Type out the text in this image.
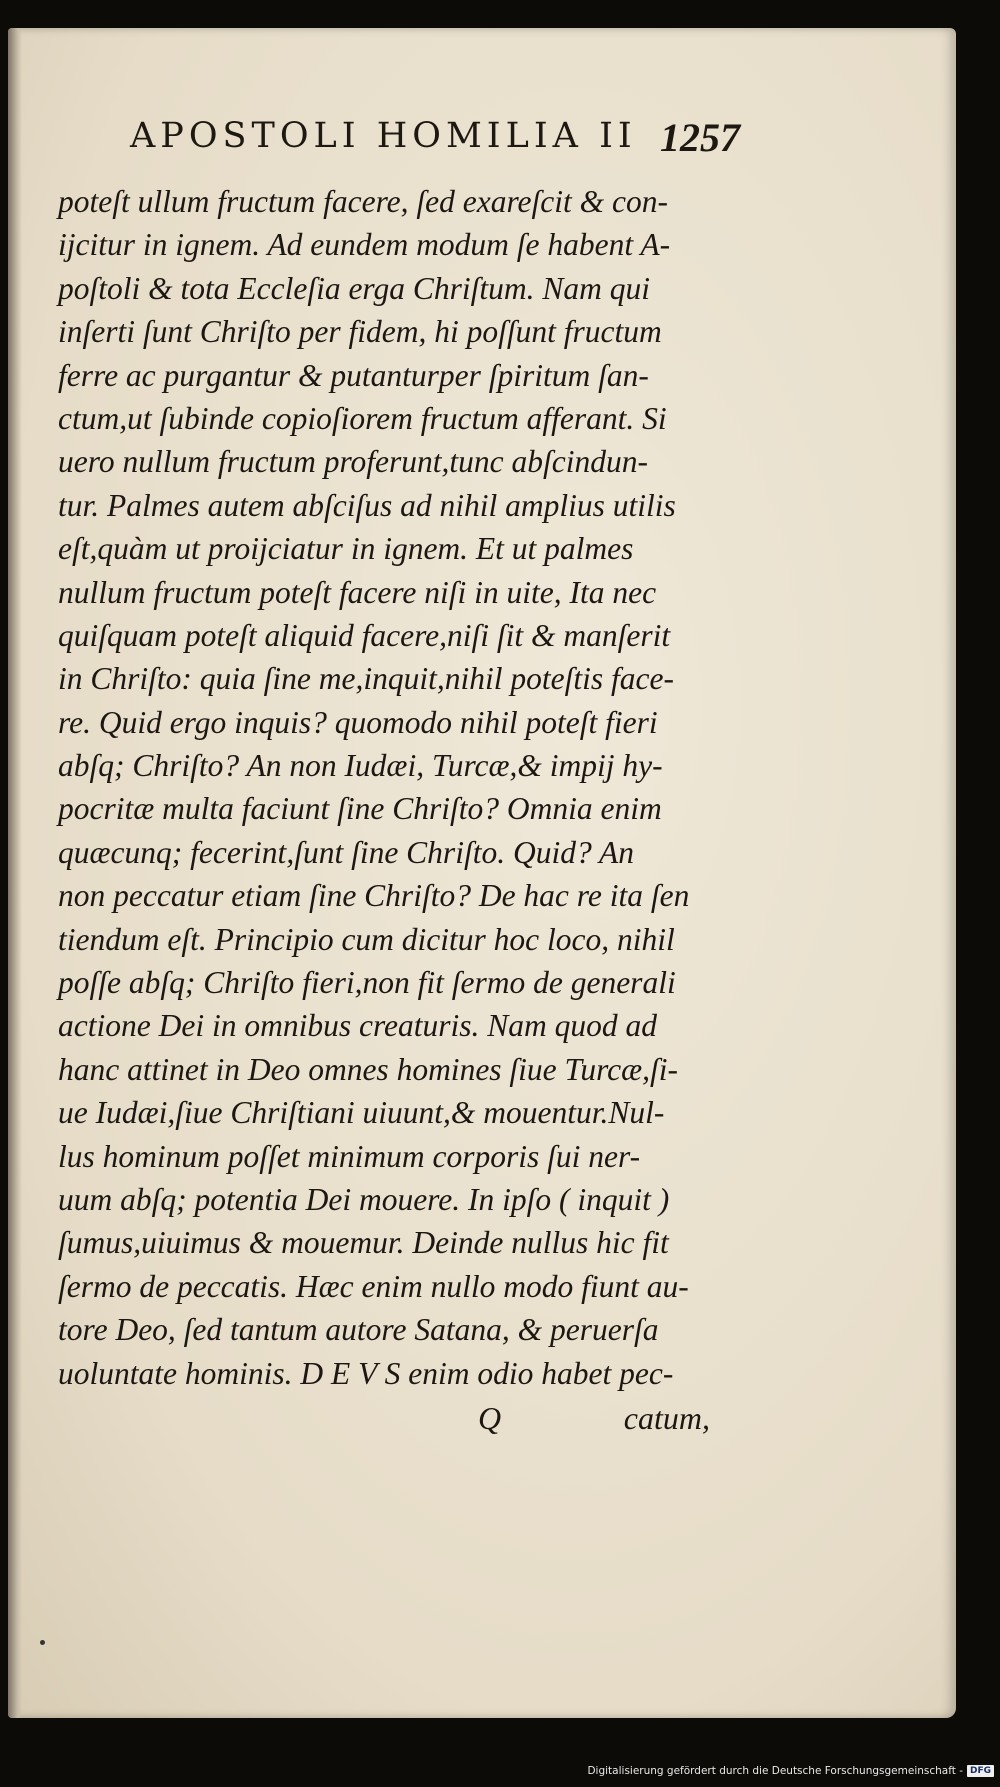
APOSTOLI HOMILIA II 1257
poteſt ullum fructum facere, ſed exareſcit & con-
ijcitur in ignem. Ad eundem modum ſe habent A-
poſtoli & tota Eccleſia erga Chriſtum. Nam qui
inſerti ſunt Chriſto per fidem, hi poſſunt fructum
ferre ac purgantur & putanturper ſpiritum ſan-
ctum,ut ſubinde copioſiorem fructum afferant. Si
uero nullum fructum proferunt,tunc abſcindun-
tur. Palmes autem abſciſus ad nihil amplius utilis
eſt,quàm ut proijciatur in ignem. Et ut palmes
nullum fructum poteſt facere niſi in uite, Ita nec
quiſquam poteſt aliquid facere,niſi ſit & manſerit
in Chriſto: quia ſine me,inquit,nihil poteſtis face-
re. Quid ergo inquis? quomodo nihil poteſt fieri
abſq; Chriſto? An non Iudæi, Turcæ,& impij hy-
pocritæ multa faciunt ſine Chriſto? Omnia enim
quæcunq; fecerint,ſunt ſine Chriſto. Quid? An
non peccatur etiam ſine Chriſto? De hac re ita ſen
tiendum eſt. Principio cum dicitur hoc loco, nihil
poſſe abſq; Chriſto fieri,non fit ſermo de generali
actione Dei in omnibus creaturis. Nam quod ad
hanc attinet in Deo omnes homines ſiue Turcæ,ſi-
ue Iudæi,ſiue Chriſtiani uiuunt,& mouentur.Nul-
lus hominum poſſet minimum corporis ſui ner-
uum abſq; potentia Dei mouere. In ipſo ( inquit )
ſumus,uiuimus & mouemur. Deinde nullus hic fit
ſermo de peccatis. Hæc enim nullo modo fiunt au-
tore Deo, ſed tantum autore Satana, & peruerſa
uoluntate hominis. D E V S enim odio habet pec-
Q	catum,
Digitalisierung gefördert durch die Deutsche Forschungsgemeinschaft - DFG
